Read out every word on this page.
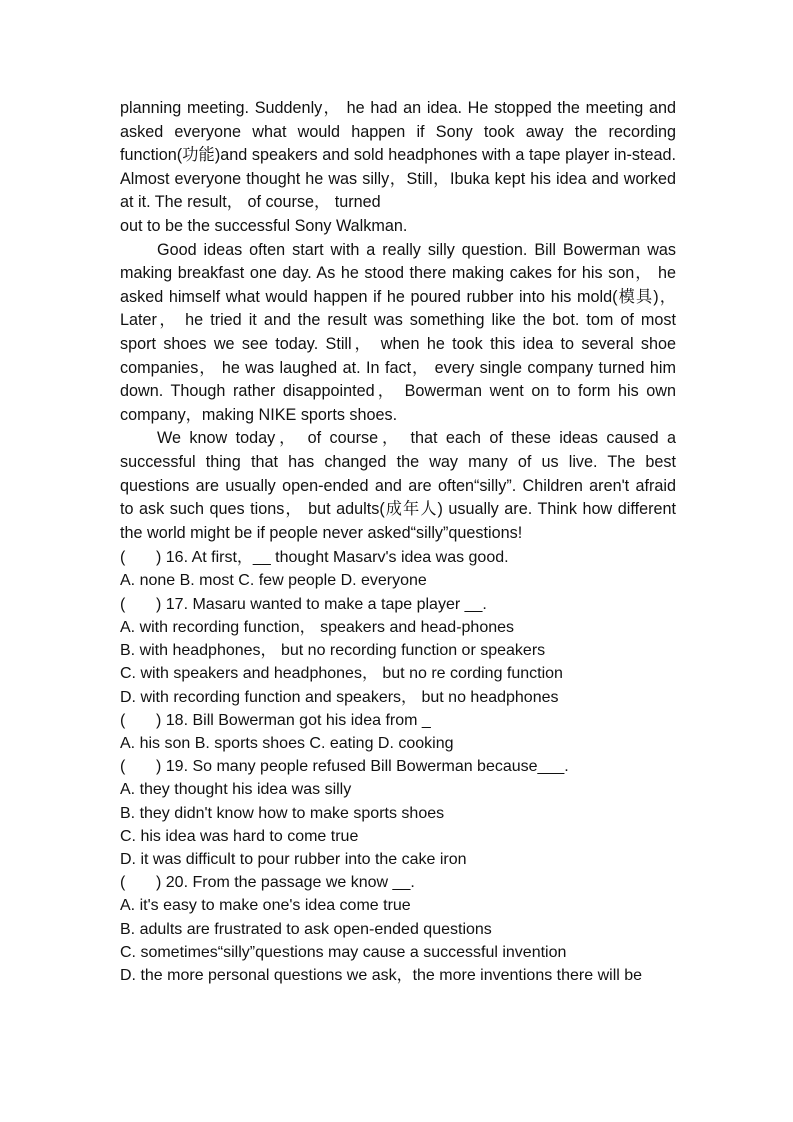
planning meeting. Suddenly， he had an idea. He stopped the meeting and asked everyone what would happen if Sony took away the recording function(功能)and speakers and sold headphones with a tape player in-stead. Almost everyone thought he was silly，Still，Ibuka kept his idea and worked at it. The result， of course， turned
out to be the successful Sony Walkman.

Good ideas often start with a really silly question. Bill Bowerman was making breakfast one day. As he stood there making cakes for his son， he asked himself what would happen if he poured rubber into his mold(模具)， Later， he tried it and the result was something like the bot. tom of most sport shoes we see today. Still， when he took this idea to several shoe companies， he was laughed at. In fact， every single company turned him down. Though rather disappointed， Bowerman went on to form his own company，making NIKE sports shoes.

We know today， of course， that each of these ideas caused a successful thing that has changed the way many of us live. The best questions are usually open-ended and are often“silly”. Children aren't afraid to ask such ques tions， but adults(成年人) usually are. Think how different the world might be if people never asked“silly”questions!

( ) 16. At first，__ thought Masarv's idea was good.

A. none B. most C. few people D. everyone

( ) 17. Masaru wanted to make a tape player __.

A. with recording function， speakers and head-phones

B. with headphones， but no recording function or speakers

C. with speakers and headphones， but no re cording function

D. with recording function and speakers， but no headphones

( ) 18. Bill Bowerman got his idea from _

A. his son B. sports shoes C. eating D. cooking

( ) 19. So many people refused Bill Bowerman because___.

A. they thought his idea was silly

B. they didn't know how to make sports shoes

C. his idea was hard to come true

D. it was difficult to pour rubber into the cake iron

( ) 20. From the passage we know __.

A. it's easy to make one's idea come true

B. adults are frustrated to ask open-ended questions

C. sometimes“silly”questions may cause a successful invention

D. the more personal questions we ask，the more inventions there will be
